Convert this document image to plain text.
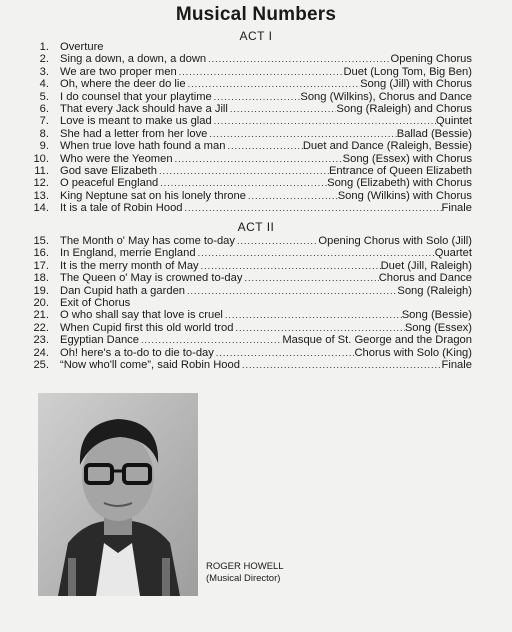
Musical Numbers
ACT I
1. Overture
2. Sing a down, a down, a down .....	Opening Chorus
3. We are two proper men .....	Duet (Long Tom, Big Ben)
4. Oh, where the deer do lie .....	Song (Jill) with Chorus
5. I do counsel that your playtime .....	Song (Wilkins), Chorus and Dance
6. That every Jack should have a Jill .....	Song (Raleigh) and Chorus
7. Love is meant to make us glad .....	Quintet
8. She had a letter from her love .....	Ballad (Bessie)
9. When true love hath found a man .....	Duet and Dance (Raleigh, Bessie)
10. Who were the Yeomen .....	Song (Essex) with Chorus
11. God save Elizabeth .....	Entrance of Queen Elizabeth
12. O peaceful England .....	Song (Elizabeth) with Chorus
13. King Neptune sat on his lonely throne .....	Song (Wilkins) with Chorus
14. It is a tale of Robin Hood .....	Finale
ACT II
15. The Month o' May has come to-day .....	Opening Chorus with Solo (Jill)
16. In England, merrie England .....	Quartet
17. It is the merry month of May .....	Duet (Jill, Raleigh)
18. The Queen o' May is crowned to-day .....	Chorus and Dance
19. Dan Cupid hath a garden .....	Song (Raleigh)
20. Exit of Chorus
21. O who shall say that love is cruel .....	Song (Bessie)
22. When Cupid first this old world trod .....	Song (Essex)
23. Egyptian Dance .....	Masque of St. George and the Dragon
24. Oh! here's a to-do to die to-day .....	Chorus with Solo (King)
25. “Now who'll come”, said Robin Hood .....	Finale
ROGER HOWELL
(Musical Director)
